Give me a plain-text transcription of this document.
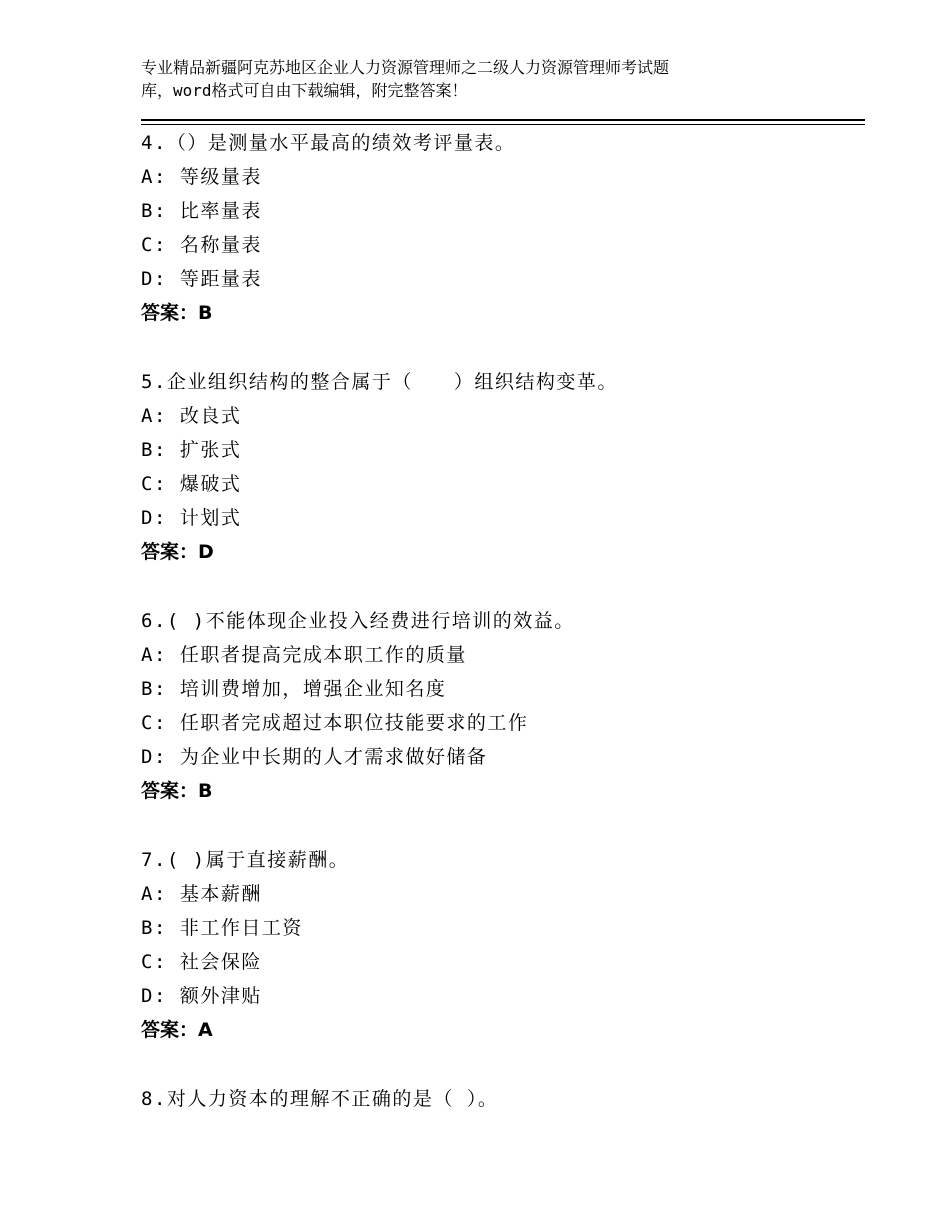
专业精品新疆阿克苏地区企业人力资源管理师之二级人力资源管理师考试题
库，word格式可自由下载编辑，附完整答案！
4.（）是测量水平最高的绩效考评量表。
A: 等级量表
B: 比率量表
C: 名称量表
D: 等距量表
答案：B
5.企业组织结构的整合属于（　　）组织结构变革。
A: 改良式
B: 扩张式
C: 爆破式
D: 计划式
答案：D
6.( )不能体现企业投入经费进行培训的效益。
A: 任职者提高完成本职工作的质量
B: 培训费增加，增强企业知名度
C: 任职者完成超过本职位技能要求的工作
D: 为企业中长期的人才需求做好储备
答案：B
7.( )属于直接薪酬。
A: 基本薪酬
B: 非工作日工资
C: 社会保险
D: 额外津贴
答案：A
8.对人力资本的理解不正确的是（ ）。
